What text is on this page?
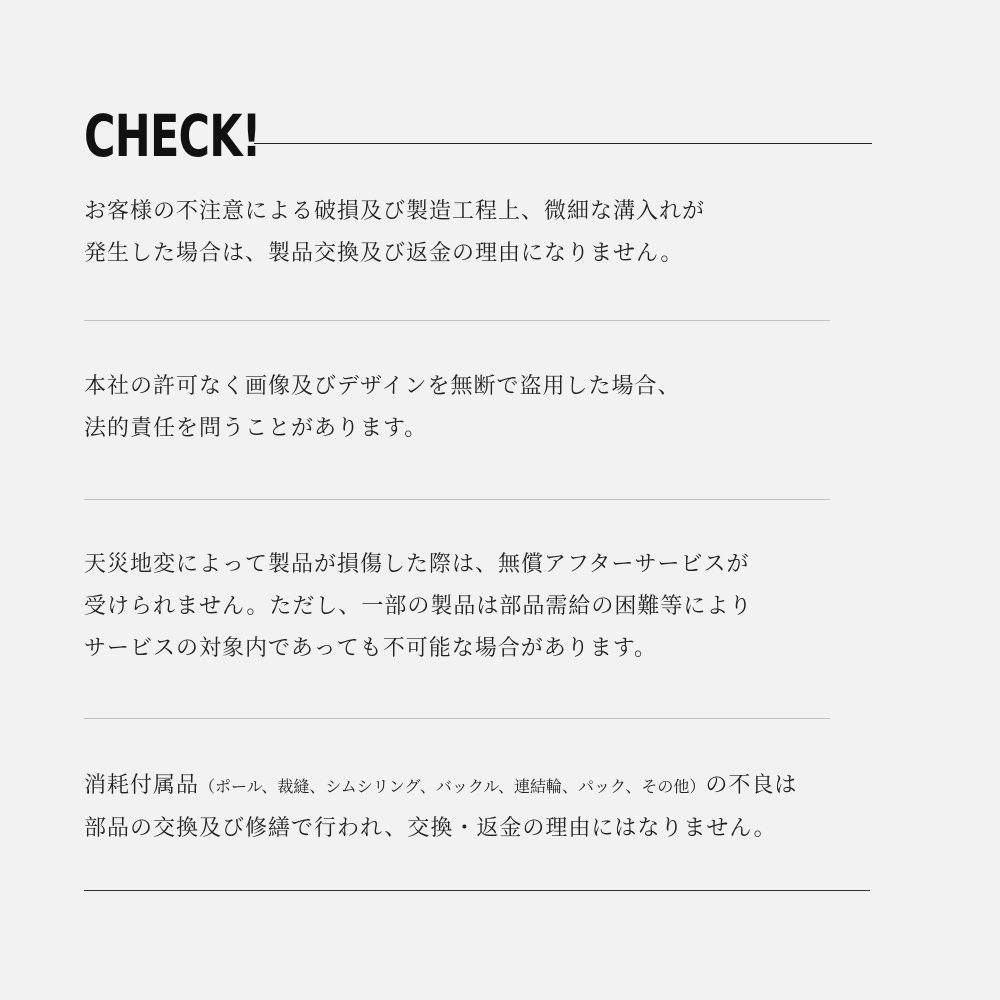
CHECK!

お客様の不注意による破損及び製造工程上、微細な溝入れが
発生した場合は、製品交換及び返金の理由になりません。

本社の許可なく画像及びデザインを無断で盗用した場合、
法的責任を問うことがあります。

天災地変によって製品が損傷した際は、無償アフターサービスが
受けられません。ただし、一部の製品は部品需給の困難等により
サービスの対象内であっても不可能な場合があります。

消耗付属品（ポール、裁縫、シムシリング、バックル、連結輪、パック、その他）の不良は
部品の交換及び修繕で行われ、交換・返金の理由にはなりません。
